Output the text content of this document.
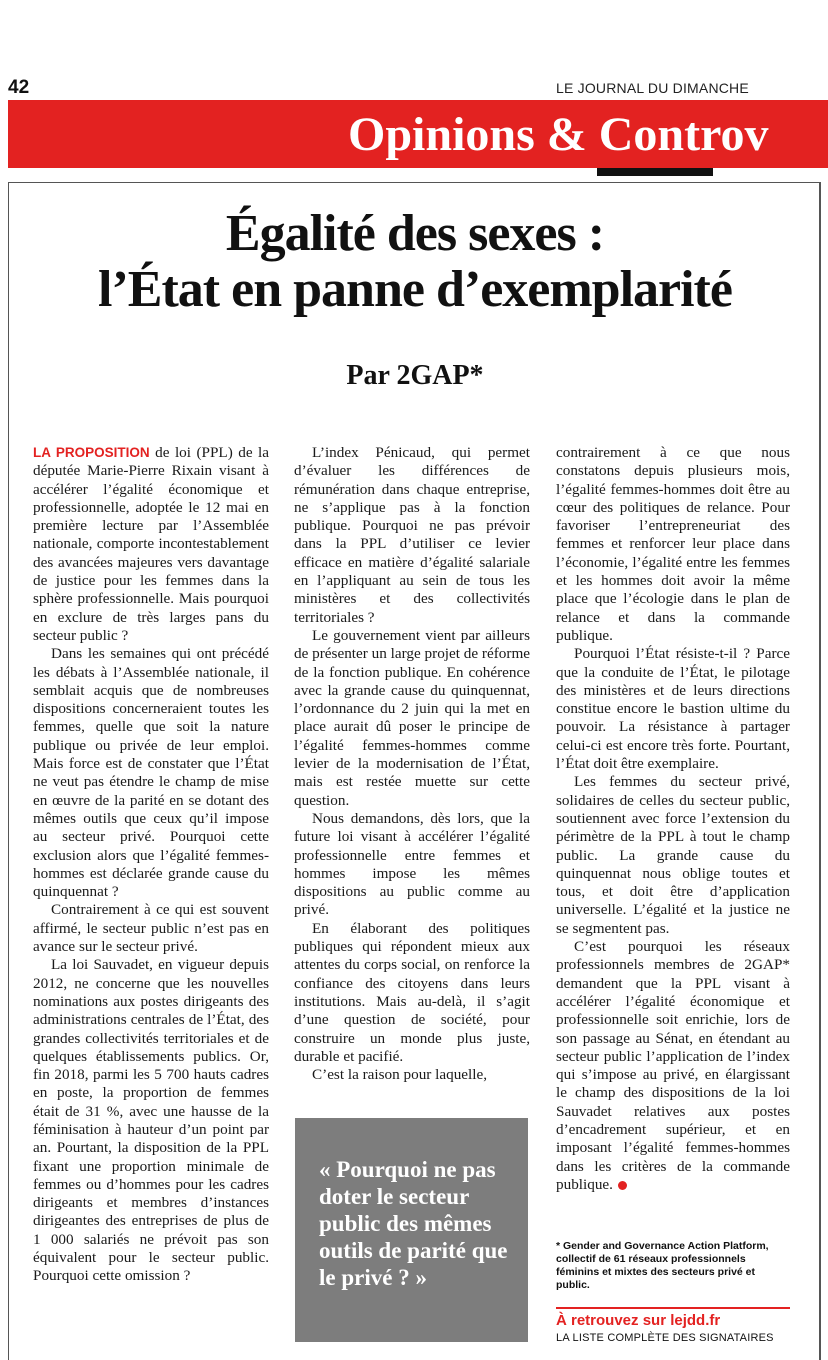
42	LE JOURNAL DU DIMANCHE
Opinions & Controv
Égalité des sexes :
l’État en panne d’exemplarité
Par 2GAP*

LA PROPOSITION de loi (PPL) de la députée Marie-Pierre Rixain visant à accélérer l’égalité économique et professionnelle, adoptée le 12 mai en première lecture par l’Assemblée nationale, comporte incontestablement des avancées majeures vers davantage de justice pour les femmes dans la sphère professionnelle. Mais pourquoi en exclure de très larges pans du secteur public ?

Dans les semaines qui ont précédé les débats à l’Assemblée nationale, il semblait acquis que de nombreuses dispositions concerneraient toutes les femmes, quelle que soit la nature publique ou privée de leur emploi. Mais force est de constater que l’État ne veut pas étendre le champ de mise en œuvre de la parité en se dotant des mêmes outils que ceux qu’il impose au secteur privé. Pourquoi cette exclusion alors que l’égalité femmes-hommes est déclarée grande cause du quinquennat ?

Contrairement à ce qui est souvent affirmé, le secteur public n’est pas en avance sur le secteur privé.

La loi Sauvadet, en vigueur depuis 2012, ne concerne que les nouvelles nominations aux postes dirigeants des administrations centrales de l’État, des grandes collectivités territoriales et de quelques établissements publics. Or, fin 2018, parmi les 5 700 hauts cadres en poste, la proportion de femmes était de 31 %, avec une hausse de la féminisation à hauteur d’un point par an. Pourtant, la disposition de la PPL fixant une proportion minimale de femmes ou d’hommes pour les cadres dirigeants et membres d’instances dirigeantes des entreprises de plus de 1 000 salariés ne prévoit pas son équivalent pour le secteur public. Pourquoi cette omission ?

L’index Pénicaud, qui permet d’évaluer les différences de rémunération dans chaque entreprise, ne s’applique pas à la fonction publique. Pourquoi ne pas prévoir dans la PPL d’utiliser ce levier efficace en matière d’égalité salariale en l’appliquant au sein de tous les ministères et des collectivités territoriales ?

Le gouvernement vient par ailleurs de présenter un large projet de réforme de la fonction publique. En cohérence avec la grande cause du quinquennat, l’ordonnance du 2 juin qui la met en place aurait dû poser le principe de l’égalité femmes-hommes comme levier de la modernisation de l’État, mais est restée muette sur cette question.

Nous demandons, dès lors, que la future loi visant à accélérer l’égalité professionnelle entre femmes et hommes impose les mêmes dispositions au public comme au privé.

En élaborant des politiques publiques qui répondent mieux aux attentes du corps social, on renforce la confiance des citoyens dans leurs institutions. Mais au-delà, il s’agit d’une question de société, pour construire un monde plus juste, durable et pacifié.

C’est la raison pour laquelle,

« Pourquoi ne pas doter le secteur public des mêmes outils de parité que le privé ? »

contrairement à ce que nous constatons depuis plusieurs mois, l’égalité femmes-hommes doit être au cœur des politiques de relance. Pour favoriser l’entrepreneuriat des femmes et renforcer leur place dans l’économie, l’égalité entre les femmes et les hommes doit avoir la même place que l’écologie dans le plan de relance et dans la commande publique.

Pourquoi l’État résiste-t-il ? Parce que la conduite de l’État, le pilotage des ministères et de leurs directions constitue encore le bastion ultime du pouvoir. La résistance à partager celui-ci est encore très forte. Pourtant, l’État doit être exemplaire.

Les femmes du secteur privé, solidaires de celles du secteur public, soutiennent avec force l’extension du périmètre de la PPL à tout le champ public. La grande cause du quinquennat nous oblige toutes et tous, et doit être d’application universelle. L’égalité et la justice ne se segmentent pas.

C’est pourquoi les réseaux professionnels membres de 2GAP* demandent que la PPL visant à accélérer l’égalité économique et professionnelle soit enrichie, lors de son passage au Sénat, en étendant au secteur public l’application de l’index qui s’impose au privé, en élargissant le champ des dispositions de la loi Sauvadet relatives aux postes d’encadrement supérieur, et en imposant l’égalité femmes-hommes dans les critères de la commande publique.

* Gender and Governance Action Platform, collectif de 61 réseaux professionnels féminins et mixtes des secteurs privé et public.
À retrouvez sur lejdd.fr
LA LISTE COMPLÈTE DES SIGNATAIRES
